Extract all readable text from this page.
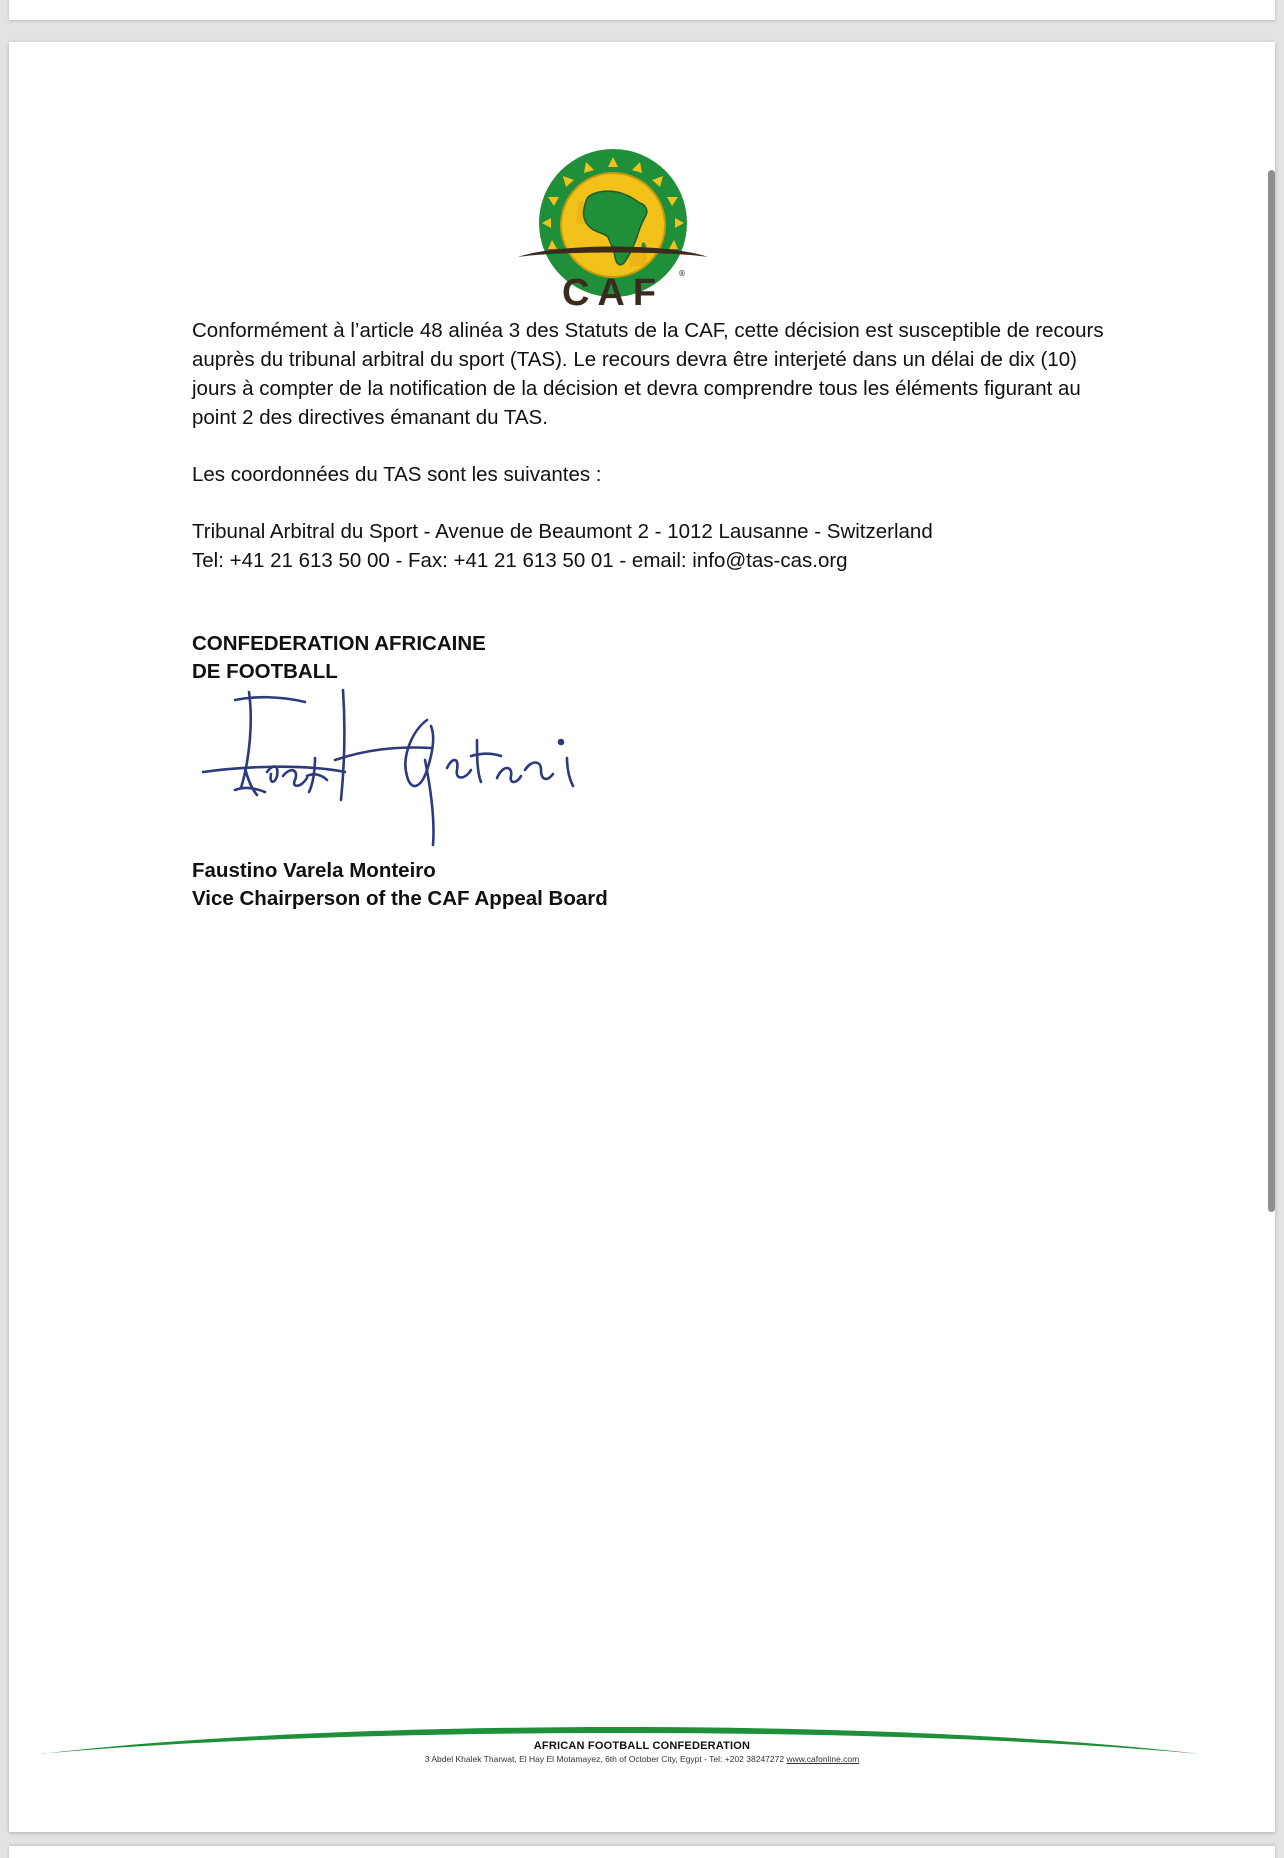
CAF ®

Conformément à l’article 48 alinéa 3 des Statuts de la CAF, cette décision est susceptible de recours auprès du tribunal arbitral du sport (TAS). Le recours devra être interjeté dans un délai de dix (10) jours à compter de la notification de la décision et devra comprendre tous les éléments figurant au point 2 des directives émanant du TAS.

Les coordonnées du TAS sont les suivantes :

Tribunal Arbitral du Sport - Avenue de Beaumont 2 - 1012 Lausanne - Switzerland

Tel: +41 21 613 50 00 - Fax: +41 21 613 50 01 - email: info@tas-cas.org

CONFEDERATION AFRICAINE
DE FOOTBALL
Faustino Varela Monteiro
Vice Chairperson of the CAF Appeal Board
AFRICAN FOOTBALL CONFEDERATION
3 Abdel Khalek Tharwat, El Hay El Motamayez, 6th of October City, Egypt - Tel: +202 38247272 www.cafonline.com
